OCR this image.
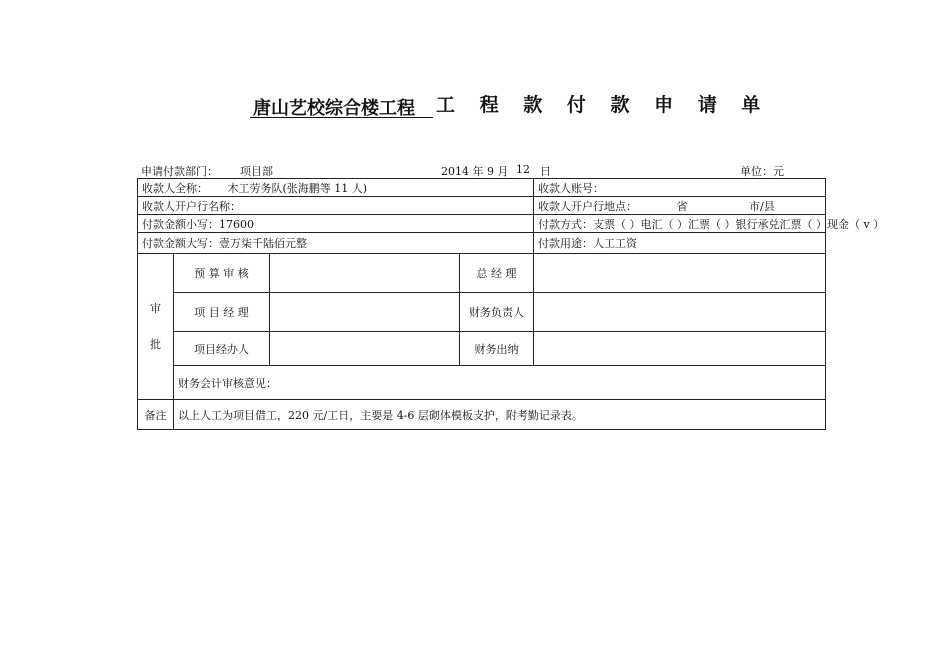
唐山艺校综合楼工程 工 程 款 付 款 申 请 单
申请付款部门： 项目部	2014 年 9 月 12 日	单位：元
收款人全称： 木工劳务队(张海鹏等 11 人)				收款人账号：
收款人开户行名称：				收款人开户行地点： 省 市/县
付款金额小写：17600				付款方式：支票（ ）电汇（ ）汇票（ ）银行承兑汇票（ ）现金（ v ）
付款金额大写：壹万柒千陆佰元整				付款用途：人工工资

审
批	预 算 审 核		总 经 理	
	项 目 经 理		财务负责人	
	项目经办人		财务出纳	
	财务会计审核意见：			
备注	以上人工为项目借工，220 元/工日，主要是 4-6 层砌体模板支护，附考勤记录表。			
